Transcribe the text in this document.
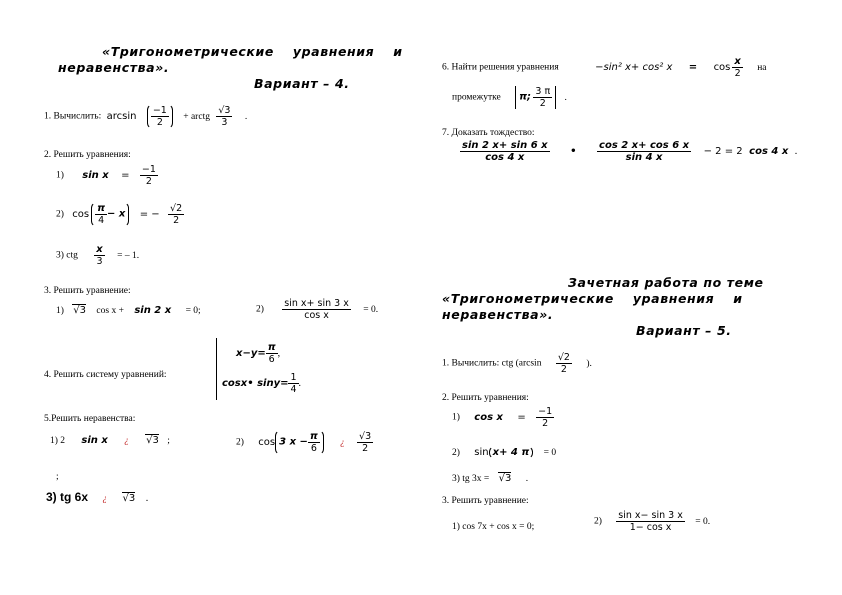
«Тригонометрические уравнения и
неравенства».
Вариант – 4.
1. Вычислить: $\arcsin \frac{-1}{2}$ + arctg $\frac{√3}{3}$ .
2. Решить уравнения:
1) $\sin x = \frac{-1}{2}$
2) $\cos \frac{\pi}{4} - x$ = − $\frac{√2}{2}$
3) ctg $\frac{x}{3}$ = – 1.
3. Решить уравнение:
1) √3 cos x + sin 2 x = 0;	$2) \frac{\text{sin x+ sin 3 x}}{\text{cos x}} = 0$.
4. Решить систему уравнений:
$x-y= \frac{\pi}{6}$ ,
cosx• $\sin y= \frac{1}{4}$ .
5.Решить неравенства:
1) 2 sin x ¿ √3 ;	2) cos 3 $x - \frac{\pi}{6}$ ¿ $\frac{√3}{2}$
;
3) tg 6x ¿ √3 .
6. Найти решения уравнения	−sin² x+ cos² $x = \cos \frac{x}{2}$ на
промежутке π; $\frac{3 \pi}{2}$ .
7. Доказать тождество:
$\frac{\sin 2 x+ \sin 6 x}{\cos 4 x}$ • $\frac{\cos 2 x+ \cos 6 x}{\sin 4 x} - 2 = 2$ cos 4 x .
Зачетная работа по теме
«Тригонометрические уравнения и
неравенства».
Вариант – 5.
1. Вычислить: ctg ($\arcsin \frac{√2}{2}$ ).
2. Решить уравнения:
1) $\cos x = \frac{-1}{2}$
2) sin x+ 4 π = 0
3) tg 3x = √3 .
3. Решить уравнение:
1) cos 7x + cos x = 0;
$2) \frac{\text{sin x− sin 3 x}}{\text{1− cos x}} = 0$.
